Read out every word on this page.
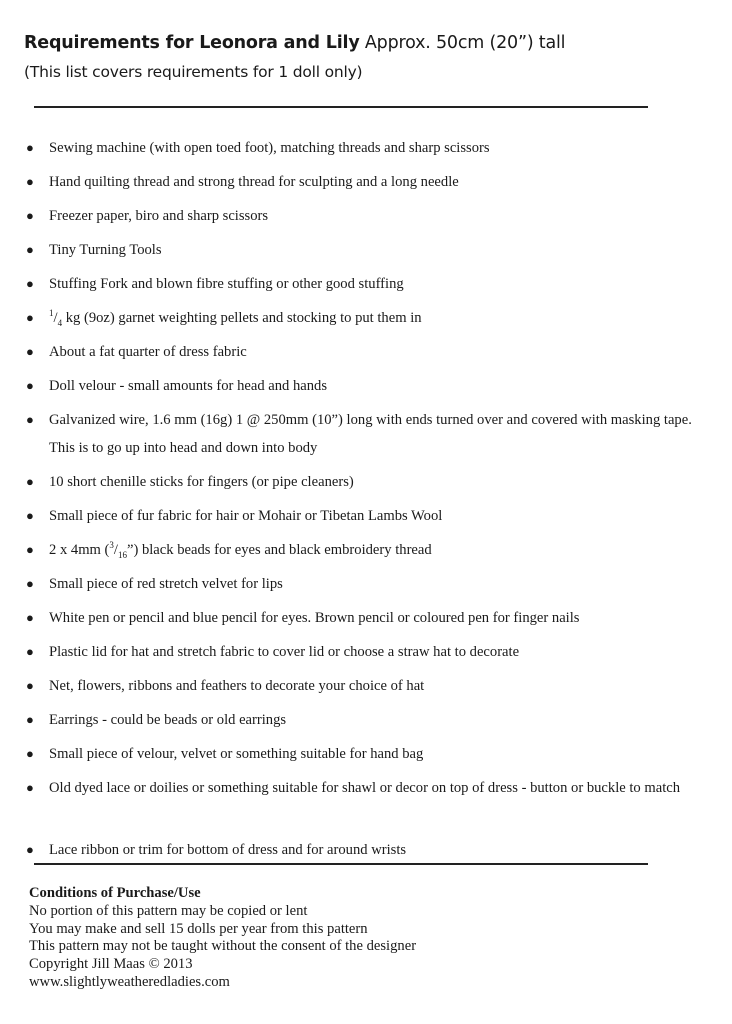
Requirements for Leonora and Lily Approx. 50cm (20”) tall
(This list covers requirements for 1 doll only)
● Sewing machine (with open toed foot), matching threads and sharp scissors
● Hand quilting thread and strong thread for sculpting and a long needle
● Freezer paper, biro and sharp scissors
● Tiny Turning Tools
● Stuffing Fork and blown fibre stuffing or other good stuffing
● $^1/_4$ kg (9oz) garnet weighting pellets and stocking to put them in
● About a fat quarter of dress fabric
● Doll velour - small amounts for head and hands
● Galvanized wire, 1.6 mm (16g) 1 @ 250mm (10”) long with ends turned over and covered with masking tape. This is to go up into head and down into body
● 10 short chenille sticks for fingers (or pipe cleaners)
● Small piece of fur fabric for hair or Mohair or Tibetan Lambs Wool
● 2 x 4mm $(^3/_{16}”)$ black beads for eyes and black embroidery thread
● Small piece of red stretch velvet for lips
● White pen or pencil and blue pencil for eyes. Brown pencil or coloured pen for finger nails
● Plastic lid for hat and stretch fabric to cover lid or choose a straw hat to decorate
● Net, flowers, ribbons and feathers to decorate your choice of hat
● Earrings - could be beads or old earrings
● Small piece of velour, velvet or something suitable for hand bag
● Old dyed lace or doilies or something suitable for shawl or decor on top of dress - button or buckle to match
● Lace ribbon or trim for bottom of dress and for around wrists
Conditions of Purchase/Use
No portion of this pattern may be copied or lent
You may make and sell 15 dolls per year from this pattern
This pattern may not be taught without the consent of the designer
Copyright Jill Maas © 2013
www.slightlyweatheredladies.com
